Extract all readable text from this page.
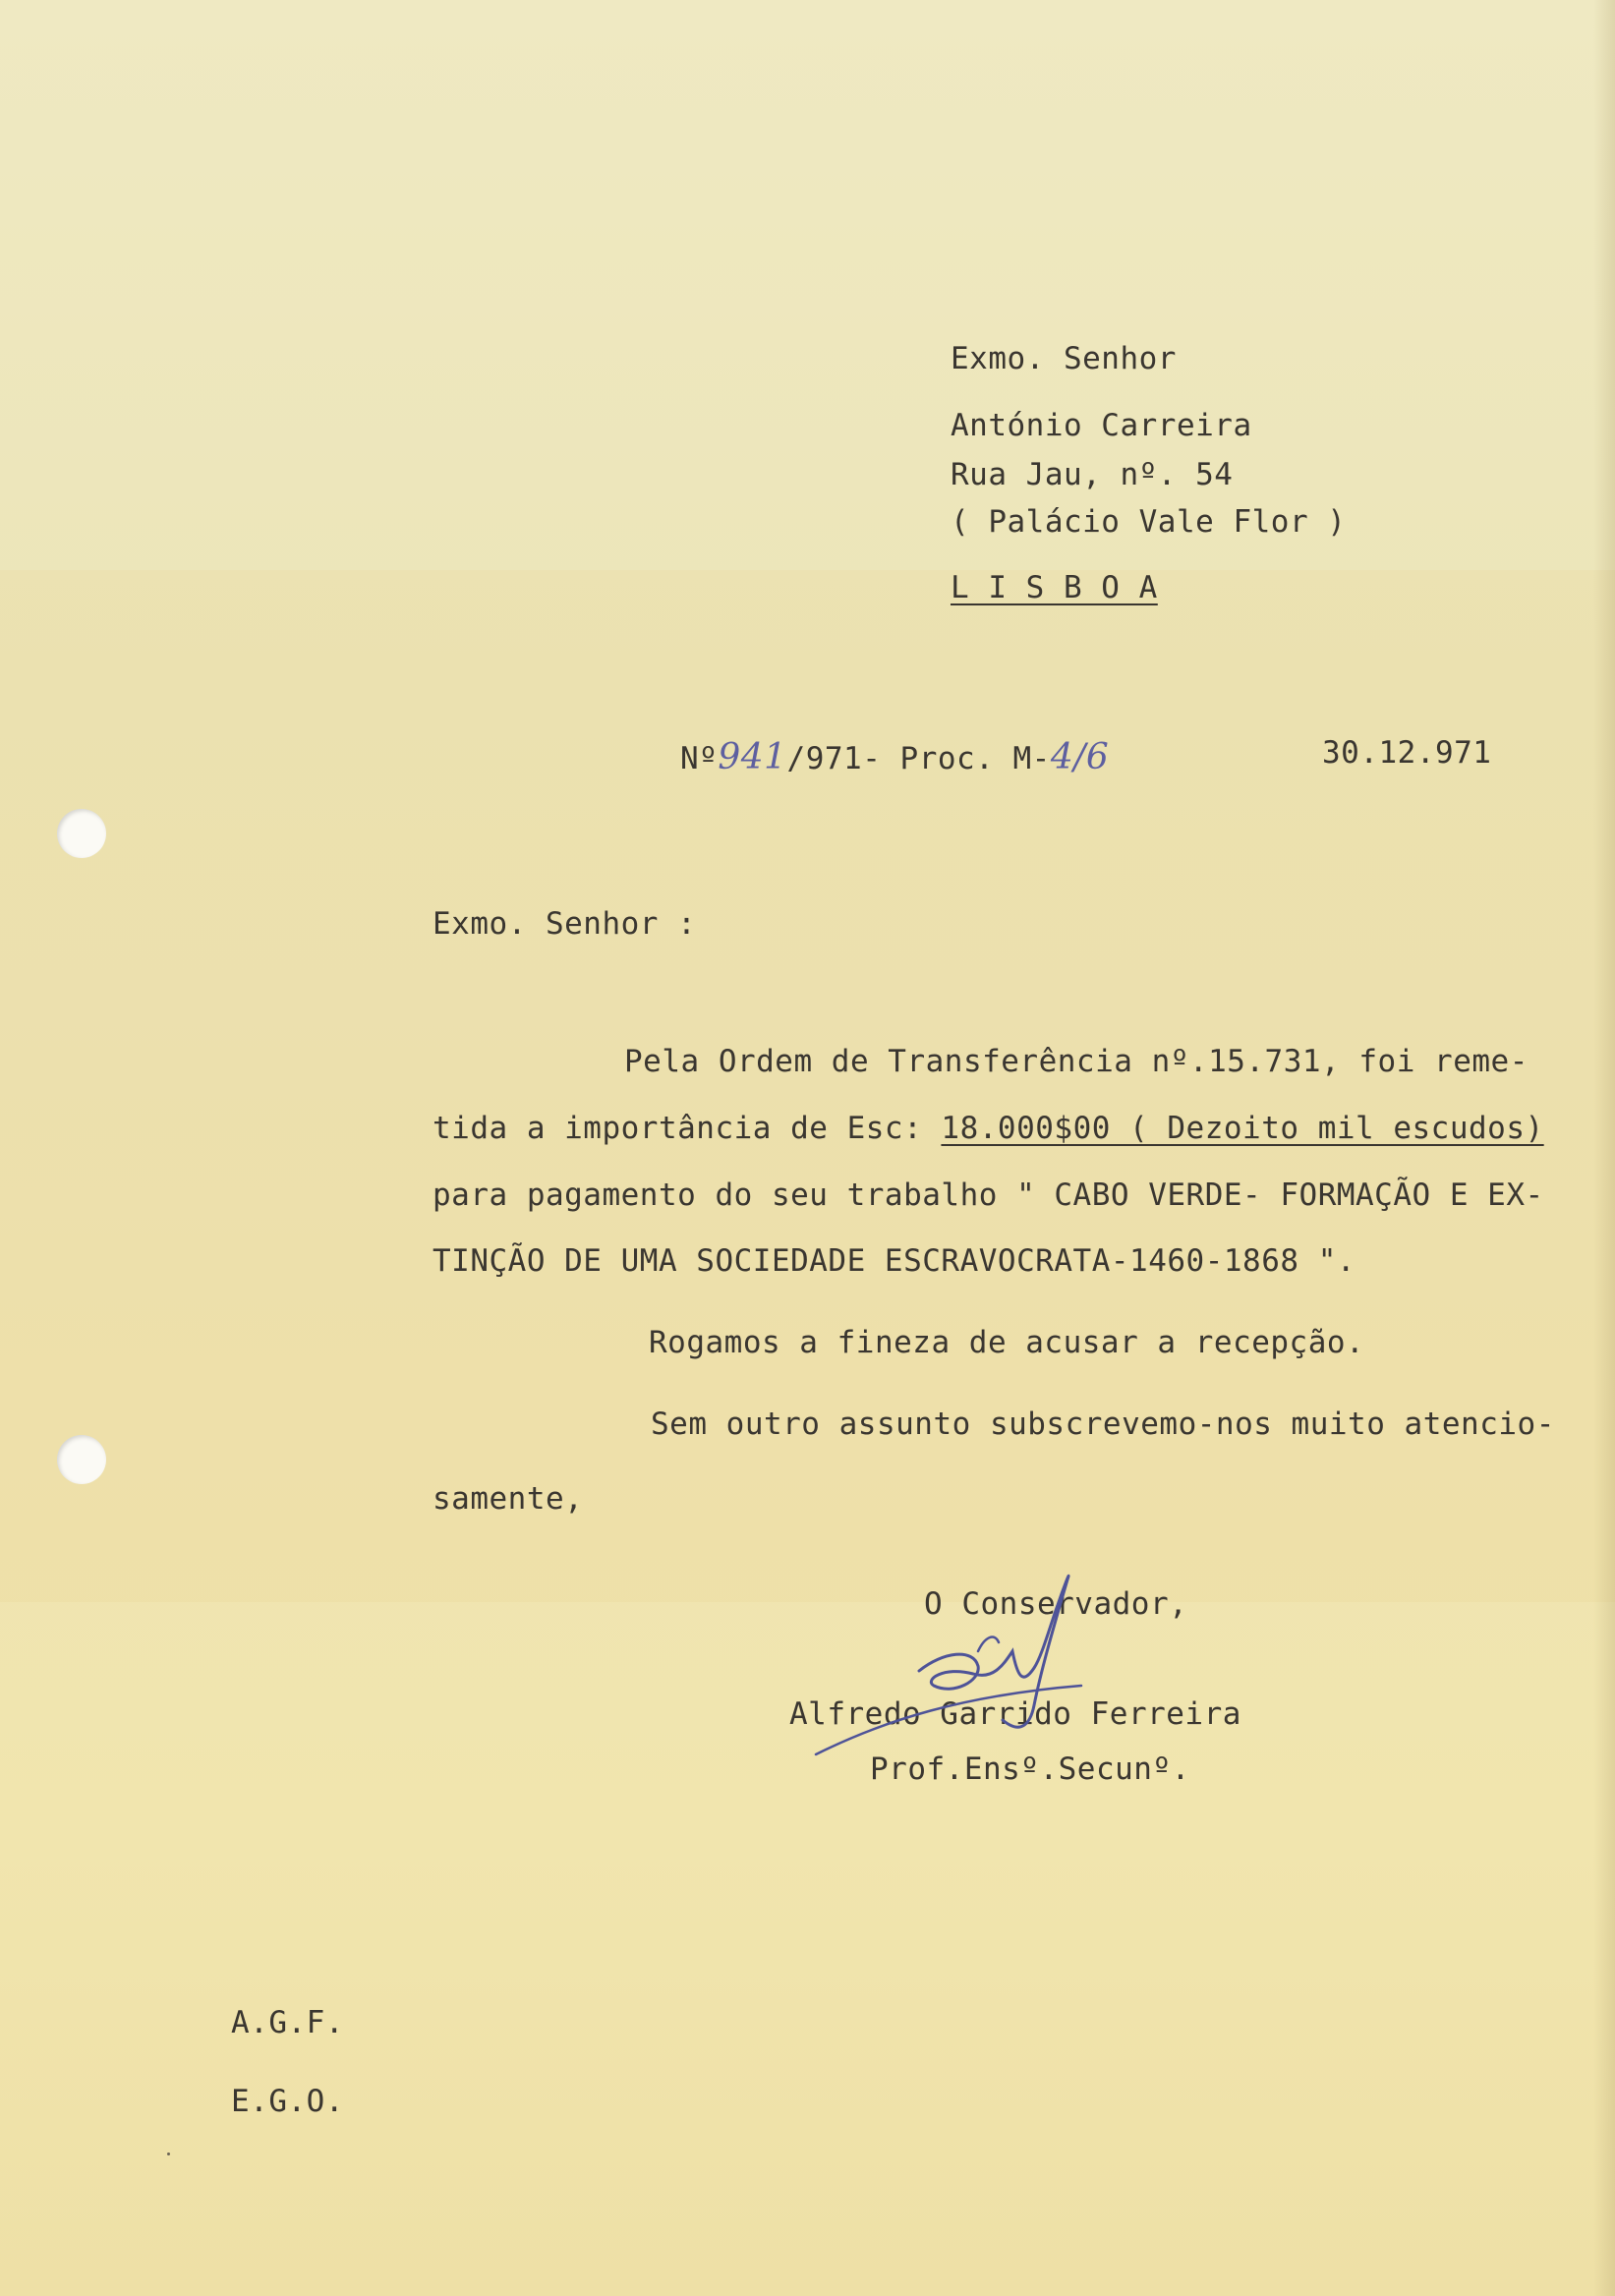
Exmo. Senhor
António Carreira
Rua Jau, nº. 54
( Palácio Vale Flor )
L I S B O A
Nº941/971- Proc. M-4/6	30.12.971
Exmo. Senhor :
Pela Ordem de Transferência nº.15.731, foi reme-
tida a importância de Esc: 18.000$00 ( Dezoito mil escudos)
para pagamento do seu trabalho " CABO VERDE- FORMAÇÃO E EX-
TINÇÃO DE UMA SOCIEDADE ESCRAVOCRATA-1460-1868 ".
Rogamos a fineza de acusar a recepção.
Sem outro assunto subscrevemo-nos muito atencio-
samente,
O Conservador,
Alfredo Garrido Ferreira
Prof.Ensº.Secunº.
A.G.F.
E.G.O.
